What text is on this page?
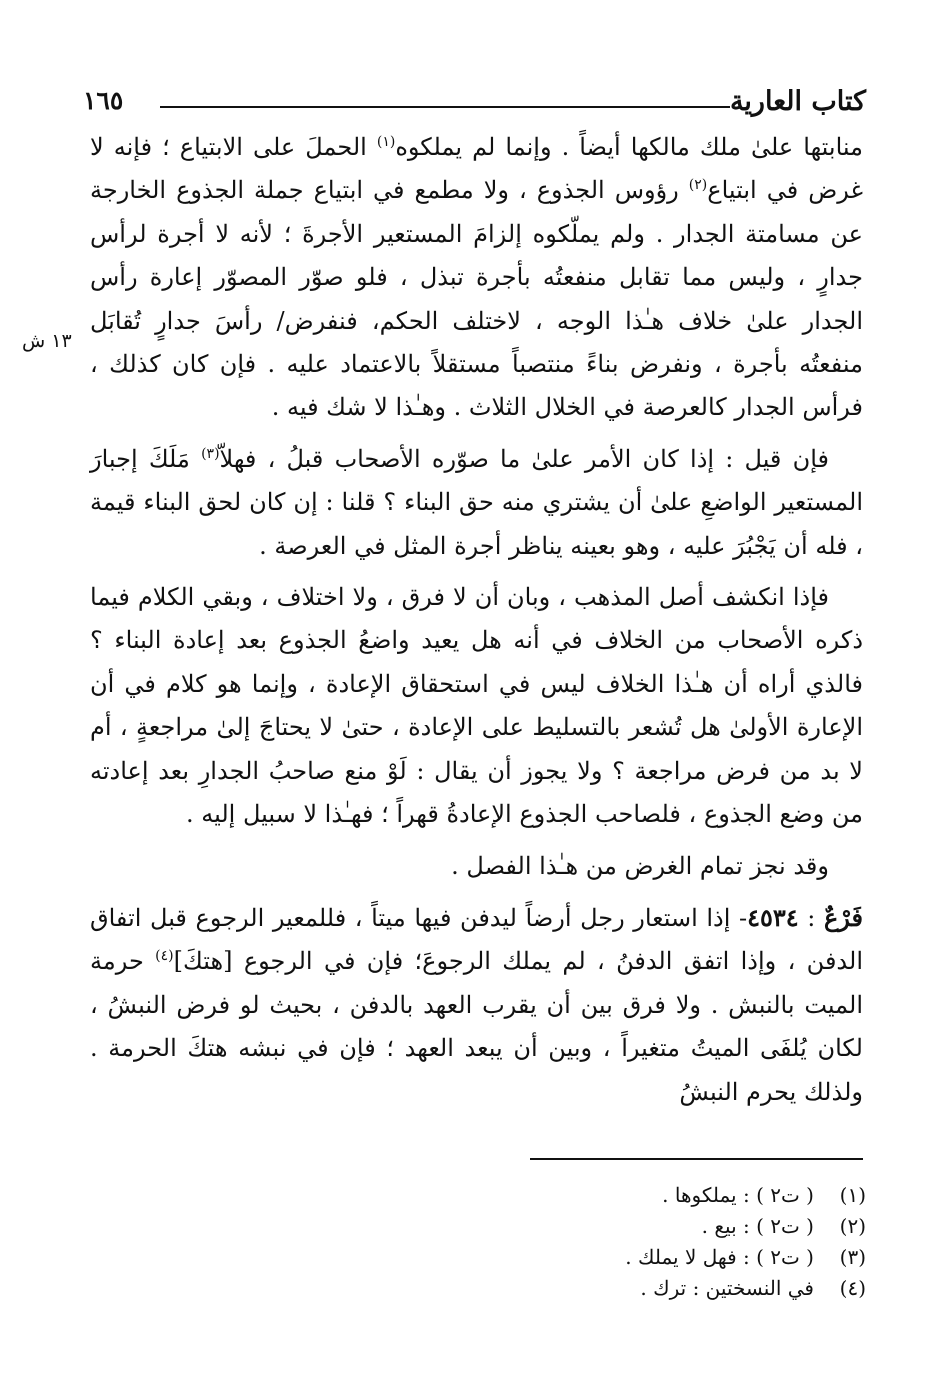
كتاب العارية
١٦٥
١٣ ش

منابتها علىٰ ملك مالكها أيضاً . وإنما لم يملكوه$^{(١)}$ الحملَ على الابتياع ؛ فإنه لا غرض في ابتياع$^{(٢)}$ رؤوس الجذوع ، ولا مطمع في ابتياع جملة الجذوع الخارجة عن مسامتة الجدار . ولم يملّكوه إلزامَ المستعير الأجرةَ ؛ لأنه لا أجرة لرأس جدارٍ ، وليس مما تقابل منفعتُه بأجرة تبذل ، فلو صوّر المصوّر إعارة رأس الجدار علىٰ خلاف هـٰذا الوجه ، لاختلف الحكم، فنفرض/ رأسَ جدارٍ تُقابَل منفعتُه بأجرة ، ونفرض بناءً منتصباً مستقلاً بالاعتماد عليه . فإن كان كذلك ، فرأس الجدار كالعرصة في الخلال الثلاث . وهـٰذا لا شك فيه .

فإن قيل : إذا كان الأمر علىٰ ما صوّره الأصحاب قبلُ ، فهلاّ$^{(٣)}$ مَلَكَ إجبارَ المستعير الواضعِ علىٰ أن يشتري منه حق البناء ؟ قلنا : إن كان لحق البناء قيمة ، فله أن يَجْبُرَ عليه ، وهو بعينه يناظر أجرة المثل في العرصة .

فإذا انكشف أصل المذهب ، وبان أن لا فرق ، ولا اختلاف ، وبقي الكلام فيما ذكره الأصحاب من الخلاف في أنه هل يعيد واضعُ الجذوع بعد إعادة البناء ؟ فالذي أراه أن هـٰذا الخلاف ليس في استحقاق الإعادة ، وإنما هو كلام في أن الإعارة الأولىٰ هل تُشعر بالتسليط على الإعادة ، حتىٰ لا يحتاجَ إلىٰ مراجعةٍ ، أم لا بد من فرض مراجعة ؟ ولا يجوز أن يقال : لَوْ منع صاحبُ الجدارِ بعد إعادته من وضع الجذوع ، فلصاحب الجذوع الإعادةُ قهراً ؛ فهـٰذا لا سبيل إليه .

وقد نجز تمام الغرض من هـٰذا الفصل .

فَرْعٌ : ٤٥٣٤- إذا استعار رجل أرضاً ليدفن فيها ميتاً ، فللمعير الرجوع قبل اتفاق الدفن ، وإذا اتفق الدفنُ ، لم يملك الرجوعَ؛ فإن في الرجوع [هتكَ]$^{(٤)}$ حرمة الميت بالنبش . ولا فرق بين أن يقرب العهد بالدفن ، بحيث لو فرض النبشُ ، لكان يُلفَى الميتُ متغيراً ، وبين أن يبعد العهد ؛ فإن في نبشه هتكَ الحرمة . ولذلك يحرم النبشُ

(١)( ت٢ ) : يملكوها .
(٢)( ت٢ ) : بيع .
(٣)( ت٢ ) : فهل لا يملك .
(٤)في النسختين : ترك .
